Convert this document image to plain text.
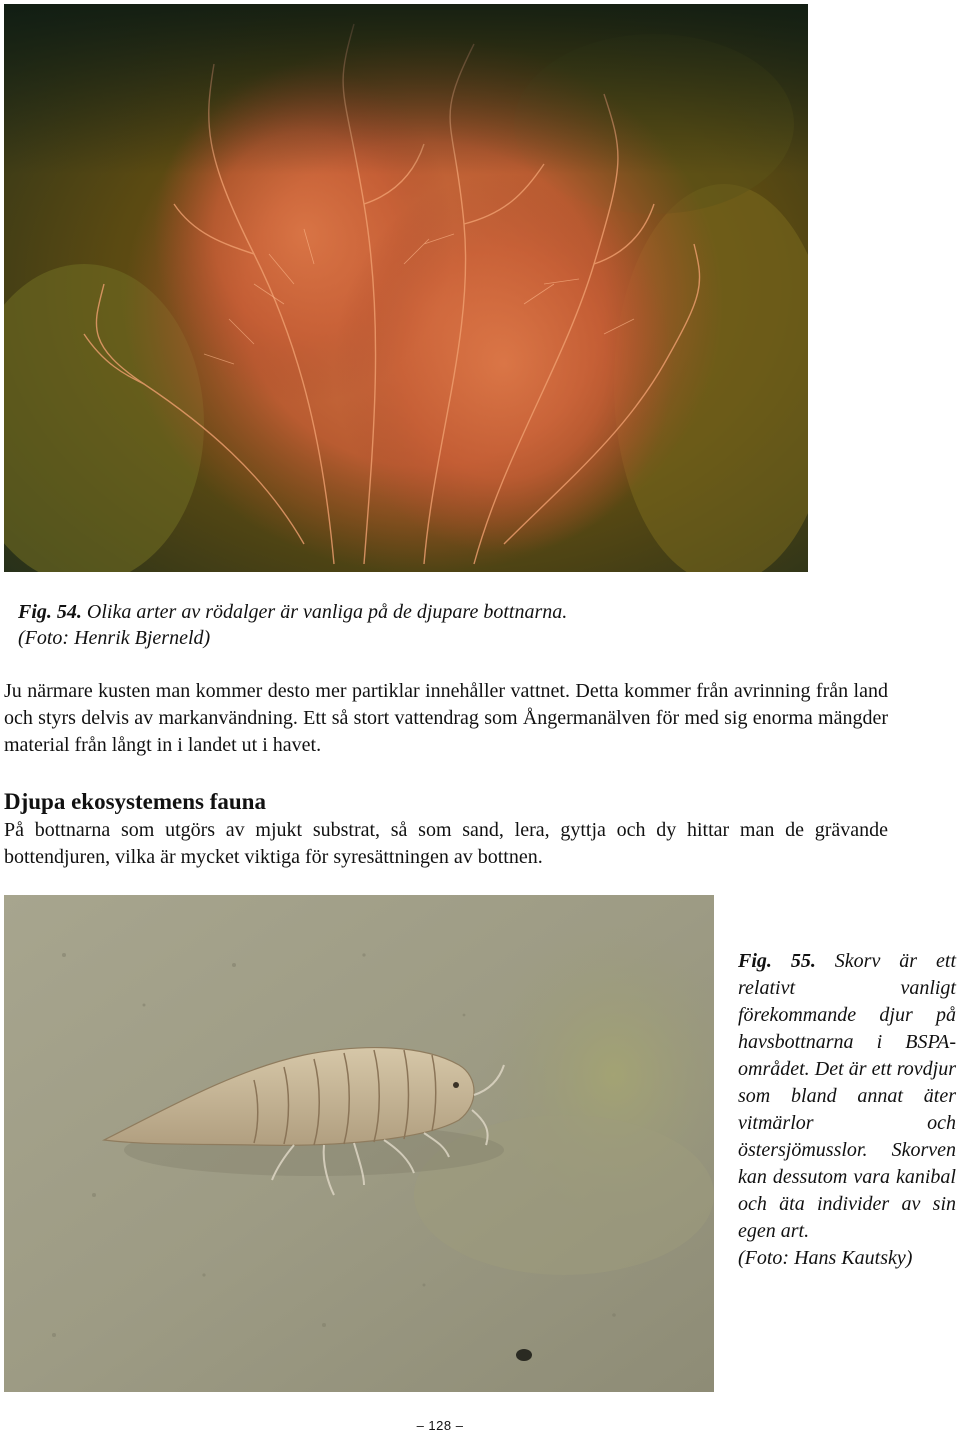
Fig. 54. Olika arter av rödalger är vanliga på de djupare bottnarna.
(Foto: Henrik Bjerneld)

Ju närmare kusten man kommer desto mer partiklar innehåller vattnet. Detta kommer från avrinning från land och styrs delvis av markanvändning. Ett så stort vattendrag som Ångermanälven för med sig enorma mängder material från långt in i landet ut i havet.

Djupa ekosystemens fauna

På bottnarna som utgörs av mjukt substrat, så som sand, lera, gyttja och dy hittar man de grävande bottendjuren, vilka är mycket viktiga för syresättningen av bottnen.

Fig. 55. Skorv är ett relativt vanligt förekommande djur på havsbottnarna i BSPA-området. Det är ett rovdjur som bland annat äter vitmärlor och östersjömusslor. Skorven kan dessutom vara kanibal och äta individer av sin egen art.
(Foto: Hans Kautsky)
– 128 –
